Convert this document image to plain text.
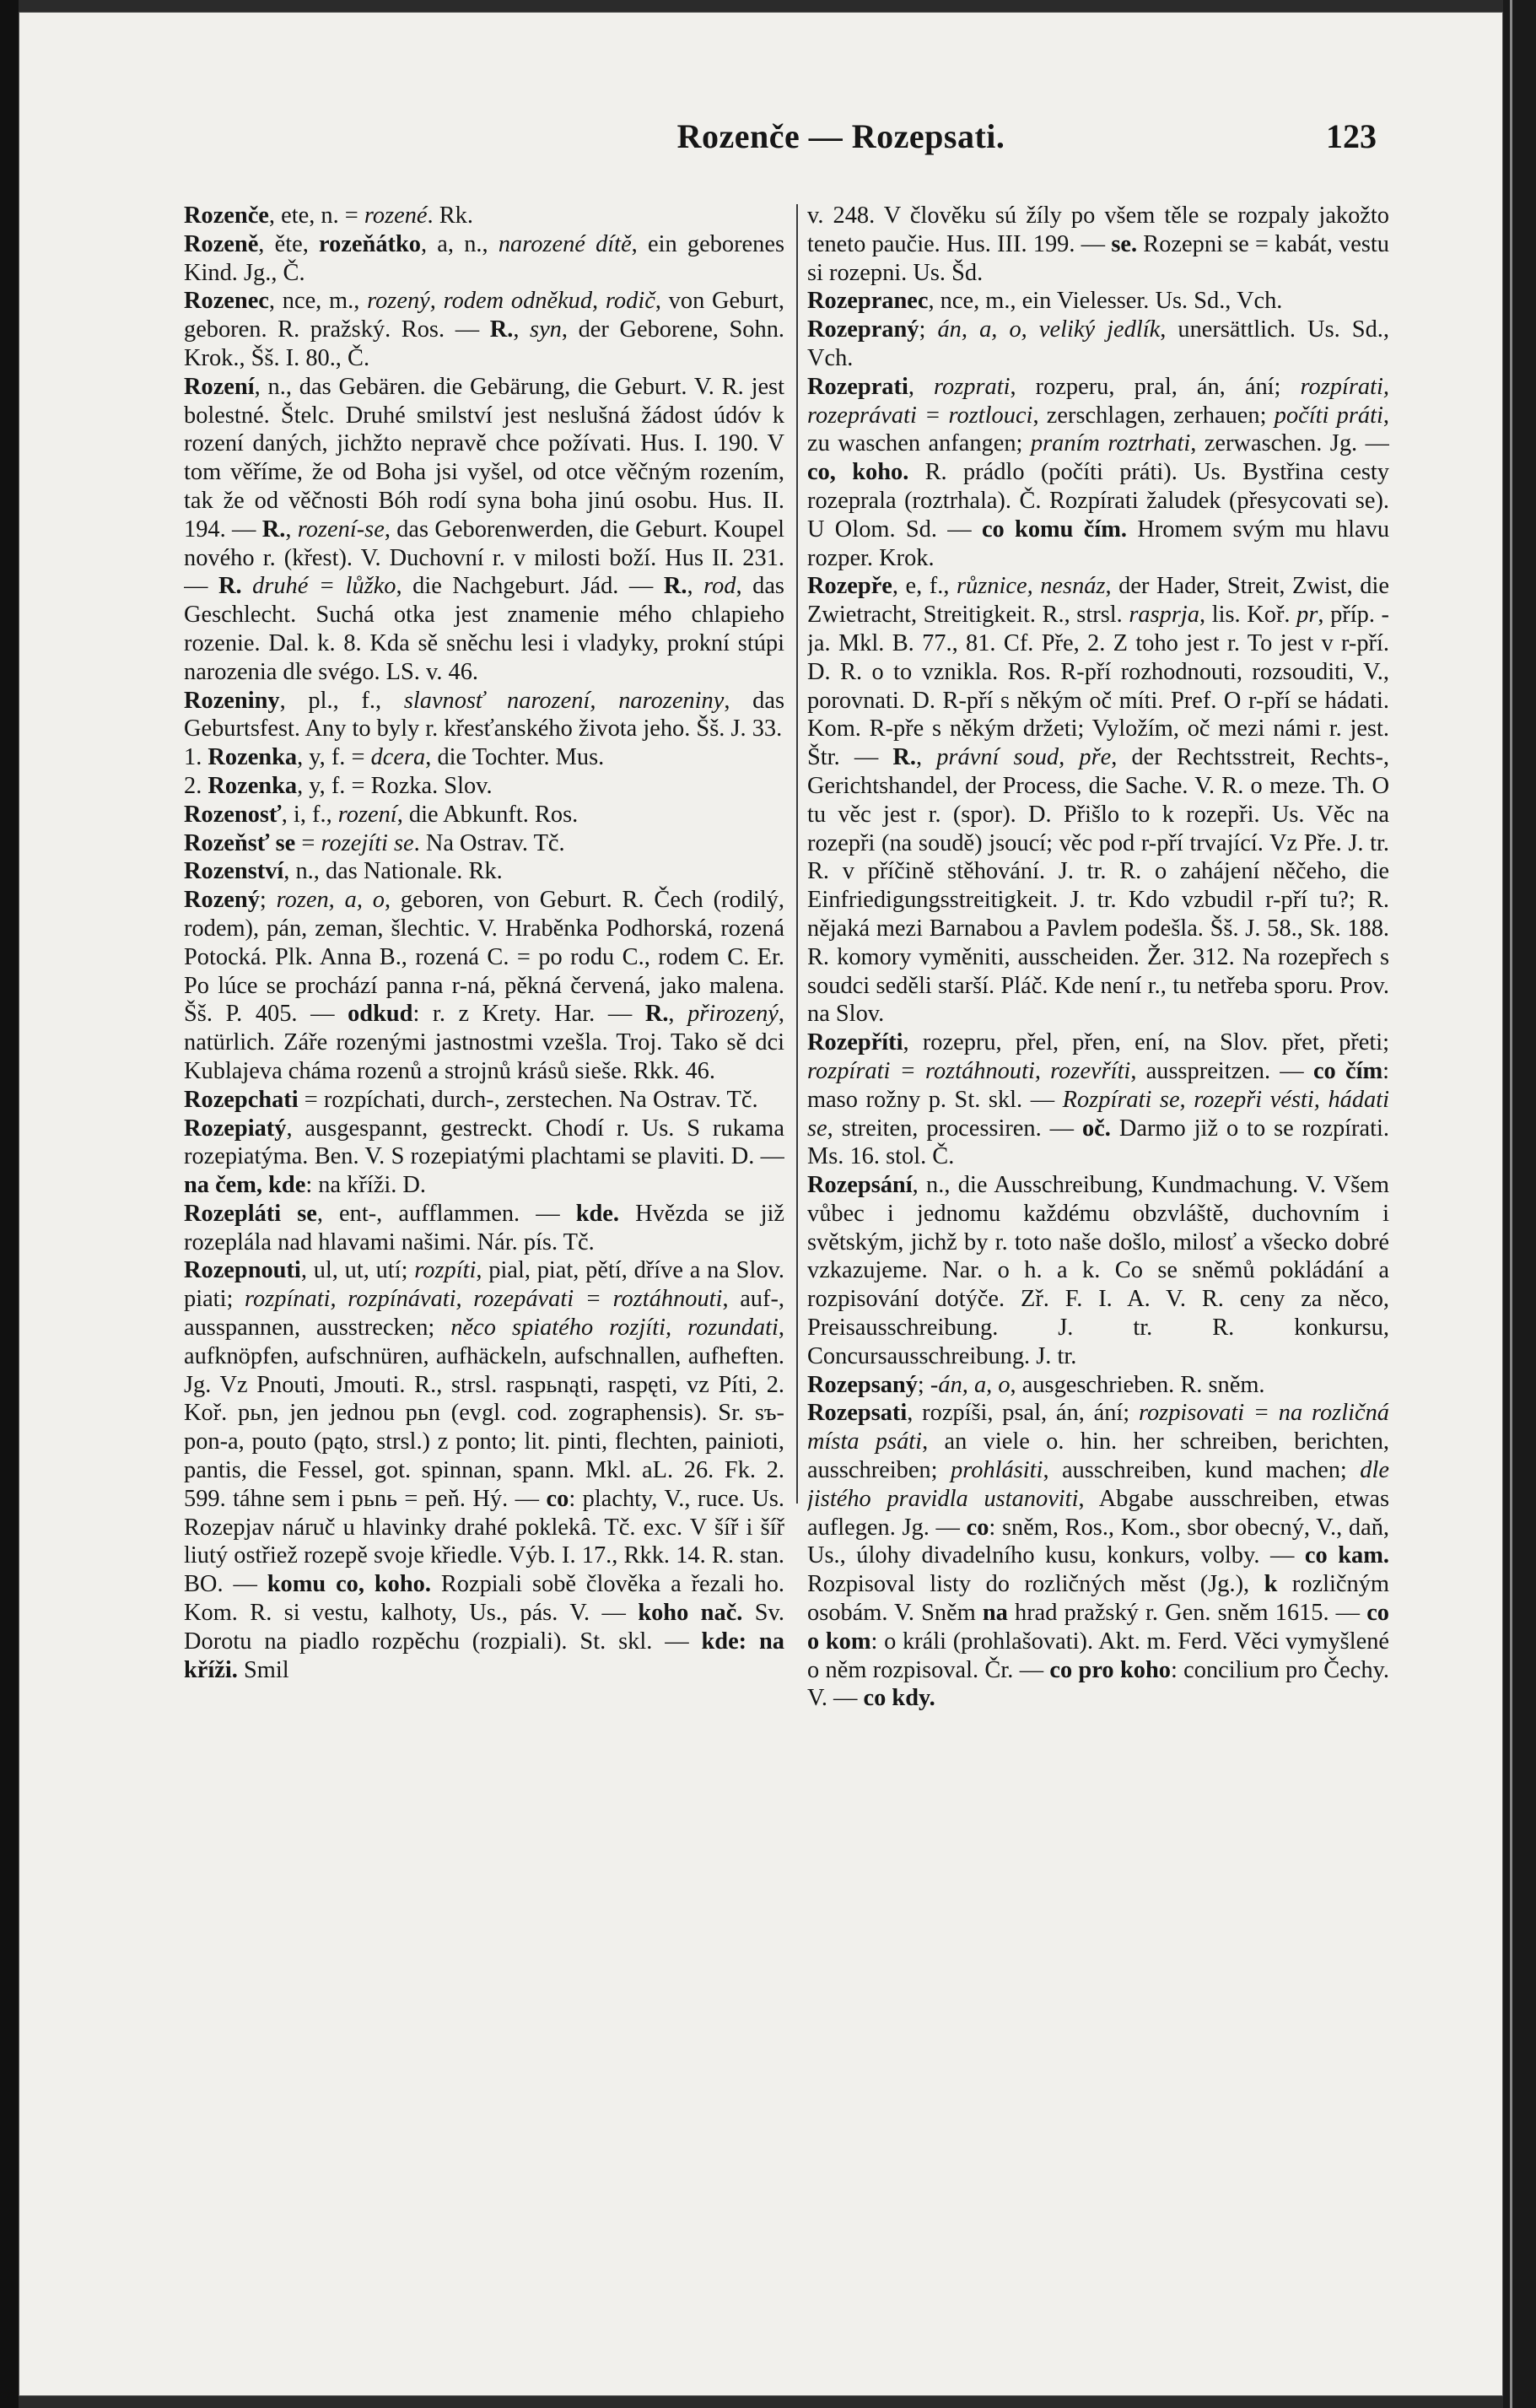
Rozenče — Rozepsati.	123

Rozenče, ete, n. = rozené. Rk.

Rozeně, ěte, rozeňátko, a, n., narozené dítě, ein geborenes Kind. Jg., Č.

Rozenec, nce, m., rozený, rodem odněkud, rodič, von Geburt, geboren. R. pražský. Ros. — R., syn, der Geborene, Sohn. Krok., Šš. I. 80., Č.

Rození, n., das Gebären. die Gebärung, die Geburt. V. R. jest bolestné. Štelc. Druhé smilství jest neslušná žádost údóv k rození daných, jichžto nepravě chce požívati. Hus. I. 190. V tom věříme, že od Boha jsi vyšel, od otce věčným rozením, tak že od věčnosti Bóh rodí syna boha jinú osobu. Hus. II. 194. — R., rození-se, das Geborenwerden, die Geburt. Koupel nového r. (křest). V. Duchovní r. v milosti boží. Hus II. 231. — R. druhé = lůžko, die Nachgeburt. Jád. — R., rod, das Geschlecht. Suchá otka jest znamenie mého chlapieho rozenie. Dal. k. 8. Kda sě sněchu lesi i vladyky, prokní stúpi narozenia dle svégo. LS. v. 46.

Rozeniny, pl., f., slavnosť narození, narozeniny, das Geburtsfest. Any to byly r. křesťanského života jeho. Šš. J. 33.

1. Rozenka, y, f. = dcera, die Tochter. Mus.

2. Rozenka, y, f. = Rozka. Slov.

Rozenosť, i, f., rození, die Abkunft. Ros.

Rozeňsť se = rozejíti se. Na Ostrav. Tč.

Rozenství, n., das Nationale. Rk.

Rozený; rozen, a, o, geboren, von Geburt. R. Čech (rodilý, rodem), pán, zeman, šlechtic. V. Hraběnka Podhorská, rozená Potocká. Plk. Anna B., rozená C. = po rodu C., rodem C. Er. Po lúce se prochází panna r-ná, pěkná červená, jako malena. Šš. P. 405. — odkud: r. z Krety. Har. — R., přirozený, natürlich. Záře rozenými jastnostmi vzešla. Troj. Tako sě dci Kublajeva cháma rozenů a strojnů krásů sieše. Rkk. 46.

Rozepchati = rozpíchati, durch-, zerstechen. Na Ostrav. Tč.

Rozepiatý, ausgespannt, gestreckt. Chodí r. Us. S rukama rozepiatýma. Ben. V. S rozepiatými plachtami se plaviti. D. — na čem, kde: na kříži. D.

Rozepláti se, ent-, aufflammen. — kde. Hvězda se již rozeplála nad hlavami našimi. Nár. pís. Tč.

Rozepnouti, ul, ut, utí; rozpíti, pial, piat, pětí, dříve a na Slov. piati; rozpínati, rozpínávati, rozepávati = roztáhnouti, auf-, ausspannen, ausstrecken; něco spiatého rozjíti, rozundati, aufknöpfen, aufschnüren, aufhäckeln, aufschnallen, aufheften. Jg. Vz Pnouti, Jmouti. R., strsl. raspьnąti, raspęti, vz Píti, 2. Koř. pьn, jen jednou pьn (evgl. cod. zographensis). Sr. sъ-pon-a, pouto (pąto, strsl.) z ponto; lit. pinti, flechten, painioti, pantis, die Fessel, got. spinnan, spann. Mkl. aL. 26. Fk. 2. 599. táhne sem i pьnь = peň. Hý. — co: plachty, V., ruce. Us. Rozepjav náruč u hlavinky drahé poklekâ. Tč. exc. V šíř i šíř liutý ostřiež rozepě svoje křiedle. Výb. I. 17., Rkk. 14. R. stan. BO. — komu co, koho. Rozpiali sobě člověka a řezali ho. Kom. R. si vestu, kalhoty, Us., pás. V. — koho nač. Sv. Dorotu na piadlo rozpěchu (rozpiali). St. skl. — kde: na kříži. Smil

v. 248. V člověku sú žíly po všem těle se rozpaly jakožto teneto paučie. Hus. III. 199. — se. Rozepni se = kabát, vestu si rozepni. Us. Šd.

Rozepranec, nce, m., ein Vielesser. Us. Sd., Vch.

Rozepraný; án, a, o, veliký jedlík, unersättlich. Us. Sd., Vch.

Rozeprati, rozprati, rozperu, pral, án, ání; rozpírati, rozeprávati = roztlouci, zerschlagen, zerhauen; počíti práti, zu waschen anfangen; praním roztrhati, zerwaschen. Jg. — co, koho. R. prádlo (počíti práti). Us. Bystřina cesty rozeprala (roztrhala). Č. Rozpírati žaludek (přesycovati se). U Olom. Sd. — co komu čím. Hromem svým mu hlavu rozper. Krok.

Rozepře, e, f., různice, nesnáz, der Hader, Streit, Zwist, die Zwietracht, Streitigkeit. R., strsl. rasprja, lis. Koř. pr, příp. -ja. Mkl. B. 77., 81. Cf. Pře, 2. Z toho jest r. To jest v r-pří. D. R. o to vznikla. Ros. R-pří rozhodnouti, rozsouditi, V., porovnati. D. R-pří s někým oč míti. Pref. O r-pří se hádati. Kom. R-pře s někým držeti; Vyložím, oč mezi námi r. jest. Štr. — R., právní soud, pře, der Rechtsstreit, Rechts-, Gerichtshandel, der Process, die Sache. V. R. o meze. Th. O tu věc jest r. (spor). D. Přišlo to k rozepři. Us. Věc na rozepři (na soudě) jsoucí; věc pod r-pří trvající. Vz Pře. J. tr. R. v příčině stěhování. J. tr. R. o zahájení něčeho, die Einfriedigungsstreitigkeit. J. tr. Kdo vzbudil r-pří tu?; R. nějaká mezi Barnabou a Pavlem podešla. Šš. J. 58., Sk. 188. R. komory vyměniti, ausscheiden. Žer. 312. Na rozepřech s soudci seděli starší. Pláč. Kde není r., tu netřeba sporu. Prov. na Slov.

Rozepříti, rozepru, přel, přen, ení, na Slov. přet, přeti; rozpírati = roztáhnouti, rozevříti, ausspreitzen. — co čím: maso rožny p. St. skl. — Rozpírati se, rozepři vésti, hádati se, streiten, processiren. — oč. Darmo již o to se rozpírati. Ms. 16. stol. Č.

Rozepsání, n., die Ausschreibung, Kundmachung. V. Všem vůbec i jednomu každému obzvláště, duchovním i světským, jichž by r. toto naše došlo, milosť a všecko dobré vzkazujeme. Nar. o h. a k. Co se sněmů pokládání a rozpisování dotýče. Zř. F. I. A. V. R. ceny za něco, Preisausschreibung. J. tr. R. konkursu, Concursausschreibung. J. tr.

Rozepsaný; -án, a, o, ausgeschrieben. R. sněm.

Rozepsati, rozpíši, psal, án, ání; rozpisovati = na rozličná místa psáti, an viele o. hin. her schreiben, berichten, ausschreiben; prohlásiti, ausschreiben, kund machen; dle jistého pravidla ustanoviti, Abgabe ausschreiben, etwas auflegen. Jg. — co: sněm, Ros., Kom., sbor obecný, V., daň, Us., úlohy divadelního kusu, konkurs, volby. — co kam. Rozpisoval listy do rozličných měst (Jg.), k rozličným osobám. V. Sněm na hrad pražský r. Gen. sněm 1615. — co o kom: o králi (prohlašovati). Akt. m. Ferd. Věci vymyšlené o něm rozpisoval. Čr. — co pro koho: concilium pro Čechy. V. — co kdy.
